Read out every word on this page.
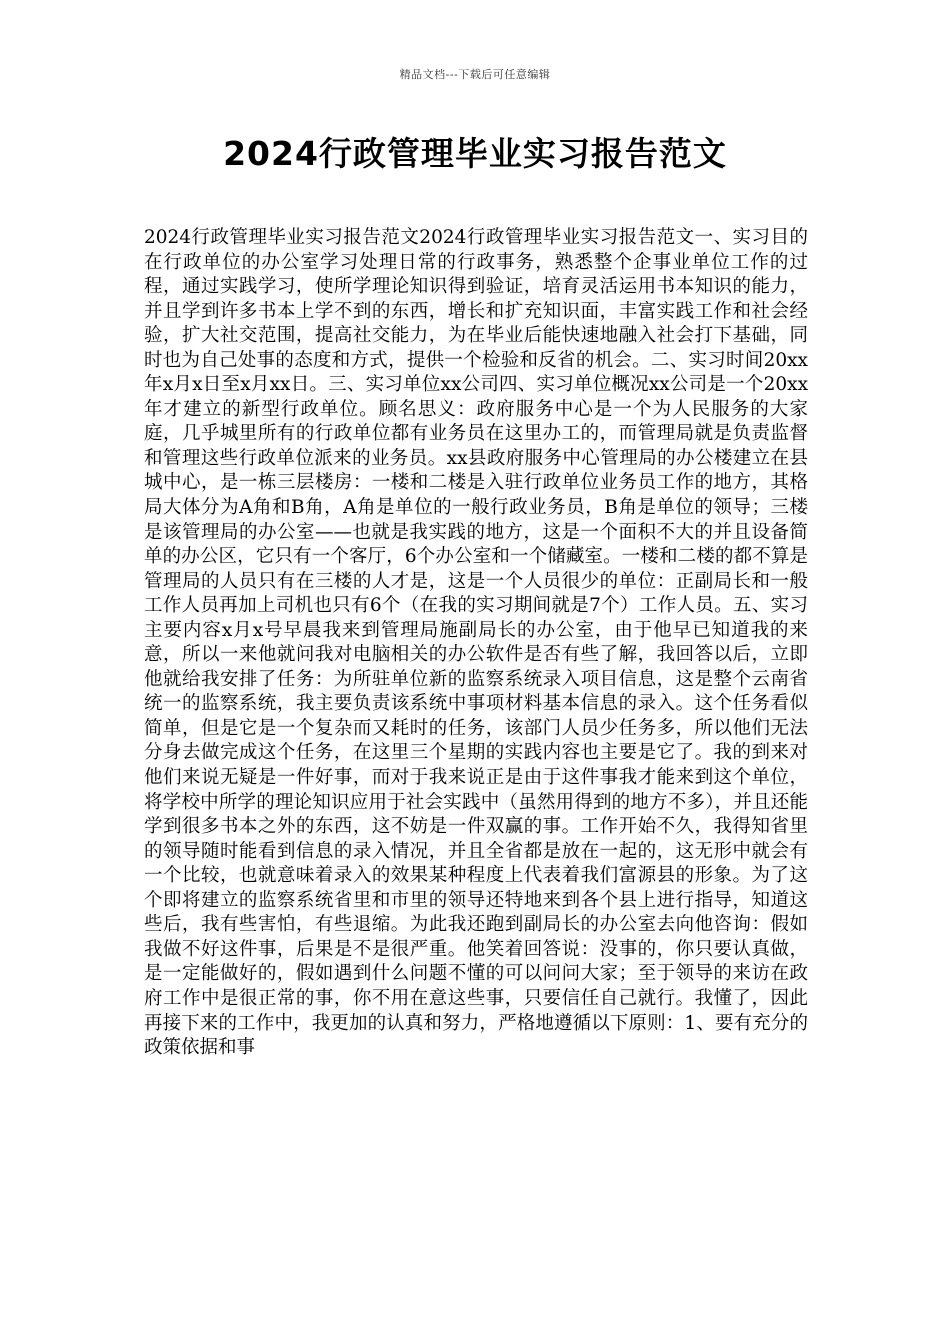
精品文档---下载后可任意编辑
2024行政管理毕业实习报告范文

2024行政管理毕业实习报告范文2024行政管理毕业实习报告范文一、实习目的在行政单位的办公室学习处理日常的行政事务，熟悉整个企事业单位工作的过程，通过实践学习，使所学理论知识得到验证，培育灵活运用书本知识的能力，并且学到许多书本上学不到的东西，增长和扩充知识面，丰富实践工作和社会经验，扩大社交范围，提高社交能力，为在毕业后能快速地融入社会打下基础，同时也为自己处事的态度和方式，提供一个检验和反省的机会。二、实习时间20xx年x月x日至x月xx日。三、实习单位xx公司四、实习单位概况xx公司是一个20xx年才建立的新型行政单位。顾名思义：政府服务中心是一个为人民服务的大家庭，几乎城里所有的行政单位都有业务员在这里办工的，而管理局就是负责监督和管理这些行政单位派来的业务员。xx县政府服务中心管理局的办公楼建立在县城中心，是一栋三层楼房：一楼和二楼是入驻行政单位业务员工作的地方，其格局大体分为A角和B角，A角是单位的一般行政业务员，B角是单位的领导；三楼是该管理局的办公室——也就是我实践的地方，这是一个面积不大的并且设备简单的办公区，它只有一个客厅，6个办公室和一个储藏室。一楼和二楼的都不算是管理局的人员只有在三楼的人才是，这是一个人员很少的单位：正副局长和一般工作人员再加上司机也只有6个（在我的实习期间就是7个）工作人员。五、实习主要内容x月x号早晨我来到管理局施副局长的办公室，由于他早已知道我的来意，所以一来他就问我对电脑相关的办公软件是否有些了解，我回答以后，立即他就给我安排了任务：为所驻单位新的监察系统录入项目信息，这是整个云南省统一的监察系统，我主要负责该系统中事项材料基本信息的录入。这个任务看似简单，但是它是一个复杂而又耗时的任务，该部门人员少任务多，所以他们无法分身去做完成这个任务，在这里三个星期的实践内容也主要是它了。我的到来对他们来说无疑是一件好事，而对于我来说正是由于这件事我才能来到这个单位，将学校中所学的理论知识应用于社会实践中（虽然用得到的地方不多），并且还能学到很多书本之外的东西，这不妨是一件双赢的事。工作开始不久，我得知省里的领导随时能看到信息的录入情况，并且全省都是放在一起的，这无形中就会有一个比较，也就意味着录入的效果某种程度上代表着我们富源县的形象。为了这个即将建立的监察系统省里和市里的领导还特地来到各个县上进行指导，知道这些后，我有些害怕，有些退缩。为此我还跑到副局长的办公室去向他咨询：假如我做不好这件事，后果是不是很严重。他笑着回答说：没事的，你只要认真做，是一定能做好的，假如遇到什么问题不懂的可以问问大家；至于领导的来访在政府工作中是很正常的事，你不用在意这些事，只要信任自己就行。我懂了，因此再接下来的工作中，我更加的认真和努力，严格地遵循以下原则：1、要有充分的政策依据和事
